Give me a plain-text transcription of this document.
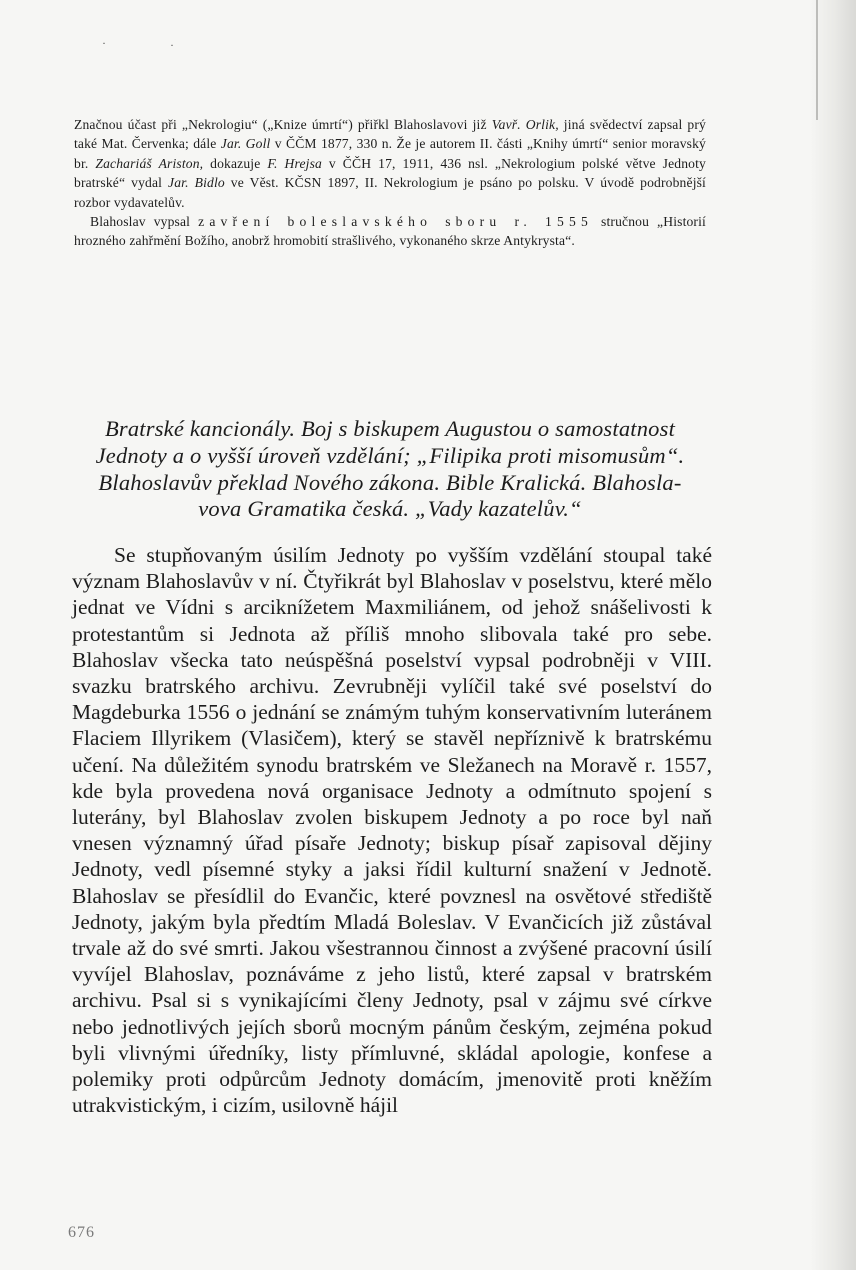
·	·

Značnou účast při „Nekrologiu“ („Knize úmrtí“) přiřkl Blahoslavovi již Vavř. Orlik, jiná svědectví zapsal prý také Mat. Červenka; dále Jar. Goll v ČČM 1877, 330 n. Že je autorem II. části „Knihy úmrtí“ senior moravský br. Zachariáš Ariston, dokazuje F. Hrejsa v ČČH 17, 1911, 436 nsl. „Nekrologium polské větve Jednoty bratrské“ vydal Jar. Bidlo ve Věst. KČSN 1897, II. Nekrologium je psáno po polsku. V úvodě podrobnější rozbor vydavatelův.

Blahoslav vypsal zavření boleslavského sboru r. 1555 stručnou „Historií hrozného zahřmění Božího, anobrž hromobití strašlivého, vykonaného skrze Antykrysta“.

Bratrské kancionály. Boj s biskupem Augustou o samostatnost
Jednoty a o vyšší úroveň vzdělání; „Filipika proti misomusům“.
Blahoslavův překlad Nového zákona. Bible Kralická. Blahosla-
vova Gramatika česká. „Vady kazatelův.“

Se stupňovaným úsilím Jednoty po vyšším vzdělání stoupal také význam Blahoslavův v ní. Čtyřikrát byl Blahoslav v poselstvu, které mělo jednat ve Vídni s arciknížetem Maxmiliánem, od jehož snášelivosti k protestantům si Jednota až příliš mnoho slibovala také pro sebe. Blahoslav všecka tato neúspěšná poselství vypsal podrobněji v VIII. svazku bratrského archivu. Zevrubněji vylíčil také své poselství do Magdeburka 1556 o jednání se známým tuhým konservativním luteránem Flaciem Illyrikem (Vlasičem), který se stavěl nepříznivě k bratrskému učení. Na důležitém synodu bratrském ve Sležanech na Moravě r. 1557, kde byla provedena nová organisace Jednoty a odmítnuto spojení s luterány, byl Blahoslav zvolen biskupem Jednoty a po roce byl naň vnesen významný úřad písaře Jednoty; biskup písař zapisoval dějiny Jednoty, vedl písemné styky a jaksi řídil kulturní snažení v Jednotě. Blahoslav se přesídlil do Evančic, které povznesl na osvětové střediště Jednoty, jakým byla předtím Mladá Boleslav. V Evančicích již zůstával trvale až do své smrti. Jakou všestrannou činnost a zvýšené pracovní úsilí vyvíjel Blahoslav, poznáváme z jeho listů, které zapsal v bratrském archivu. Psal si s vynikajícími členy Jednoty, psal v zájmu své církve nebo jednotlivých jejích sborů mocným pánům českým, zejména pokud byli vlivnými úředníky, listy přímluvné, skládal apologie, konfese a polemiky proti odpůrcům Jednoty domácím, jmenovitě proti kněžím utrakvistickým, i cizím, usilovně hájil

676
